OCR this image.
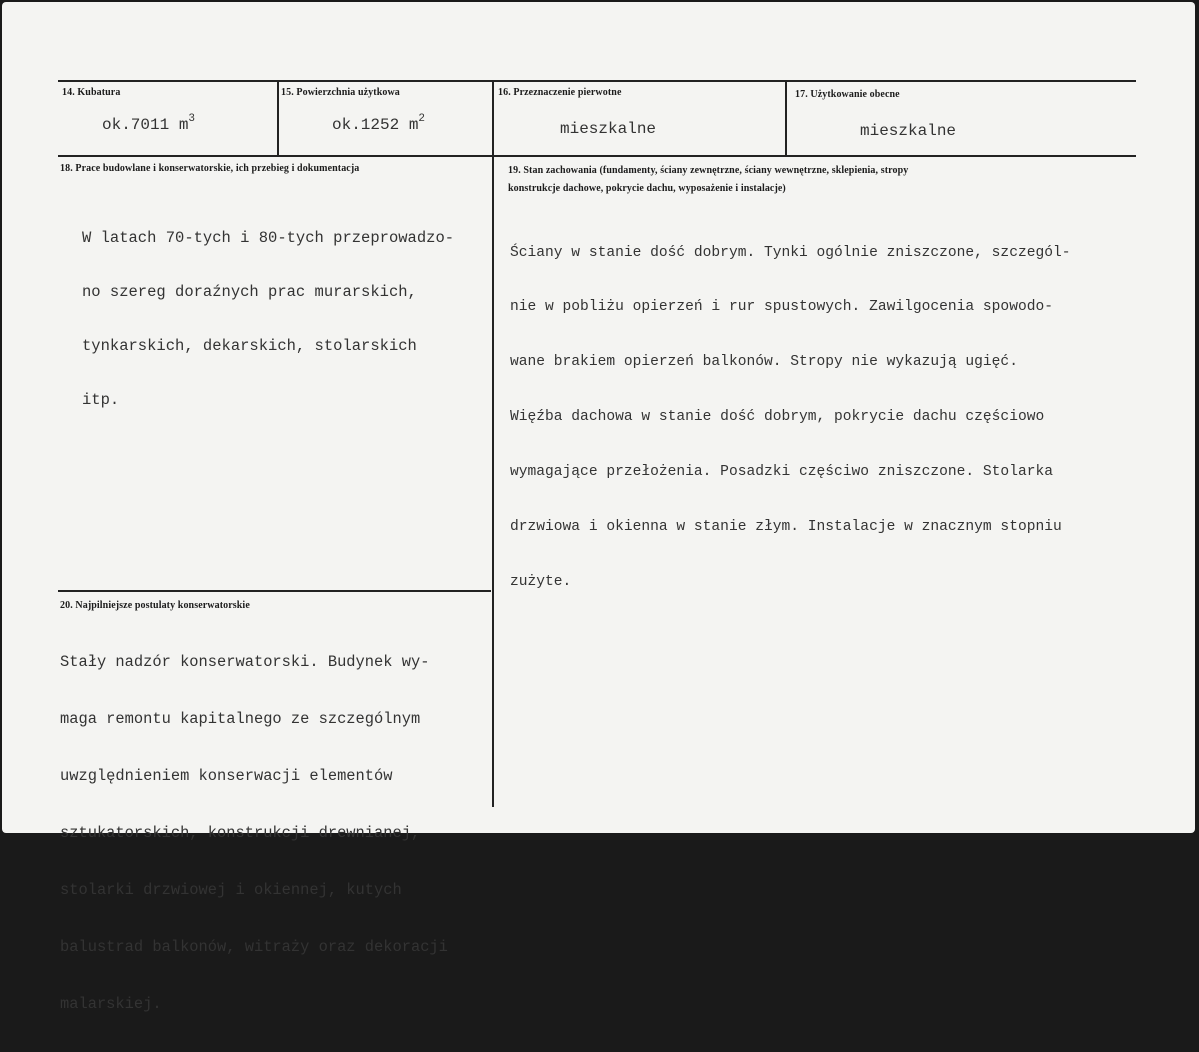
14. Kubatura
ok.7011 $m^3$
15. Powierzchnia użytkowa
ok.1252 $m^2$
16. Przeznaczenie pierwotne
mieszkalne
17. Użytkowanie obecne
mieszkalne
18. Prace budowlane i konserwatorskie, ich przebieg i dokumentacja

W latach 70-tych i 80-tych przeprowadzo-

no szereg doraźnych prac murarskich,

tynkarskich, dekarskich, stolarskich

itp.

19. Stan zachowania (fundamenty, ściany zewnętrzne, ściany wewnętrzne, sklepienia, stropy
konstrukcje dachowe, pokrycie dachu, wyposażenie i instalacje)

Ściany w stanie dość dobrym. Tynki ogólnie zniszczone, szczegól-

nie w pobliżu opierzeń i rur spustowych. Zawilgocenia spowodo-

wane brakiem opierzeń balkonów. Stropy nie wykazują ugięć.

Więźba dachowa w stanie dość dobrym, pokrycie dachu częściowo

wymagające przełożenia. Posadzki częściwo zniszczone. Stolarka

drzwiowa i okienna w stanie złym. Instalacje w znacznym stopniu

zużyte.

20. Najpilniejsze postulaty konserwatorskie

Stały nadzór konserwatorski. Budynek wy-

maga remontu kapitalnego ze szczególnym

uwzględnieniem konserwacji elementów

sztukatorskich, konstrukcji drewnianej,

stolarki drzwiowej i okiennej, kutych

balustrad balkonów, witraży oraz dekoracji

malarskiej.
